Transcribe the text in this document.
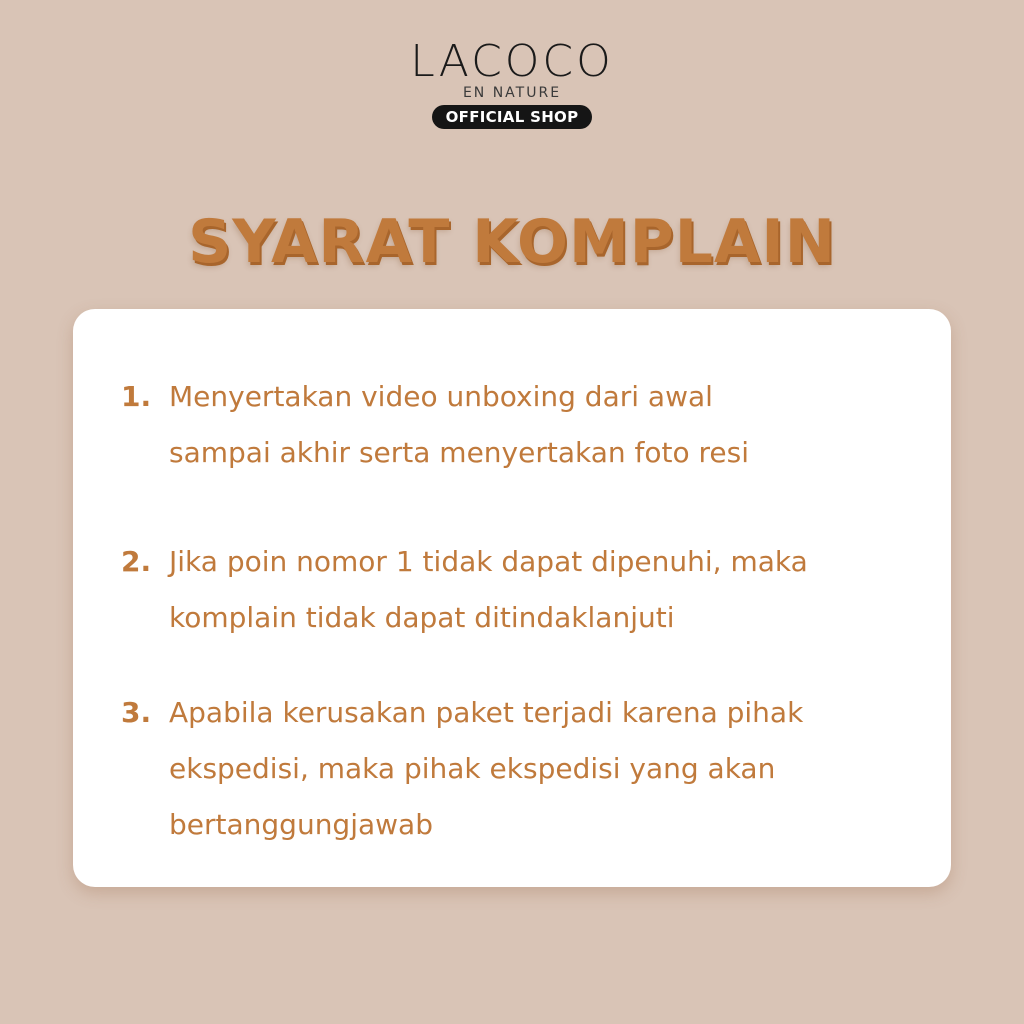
LACOCO
EN NATURE
OFFICIAL SHOP
SYARAT KOMPLAIN
1. Menyertakan video unboxing dari awal
sampai akhir serta menyertakan foto resi
2. Jika poin nomor 1 tidak dapat dipenuhi, maka
komplain tidak dapat ditindaklanjuti
3. Apabila kerusakan paket terjadi karena pihak
ekspedisi, maka pihak ekspedisi yang akan
bertanggungjawab
